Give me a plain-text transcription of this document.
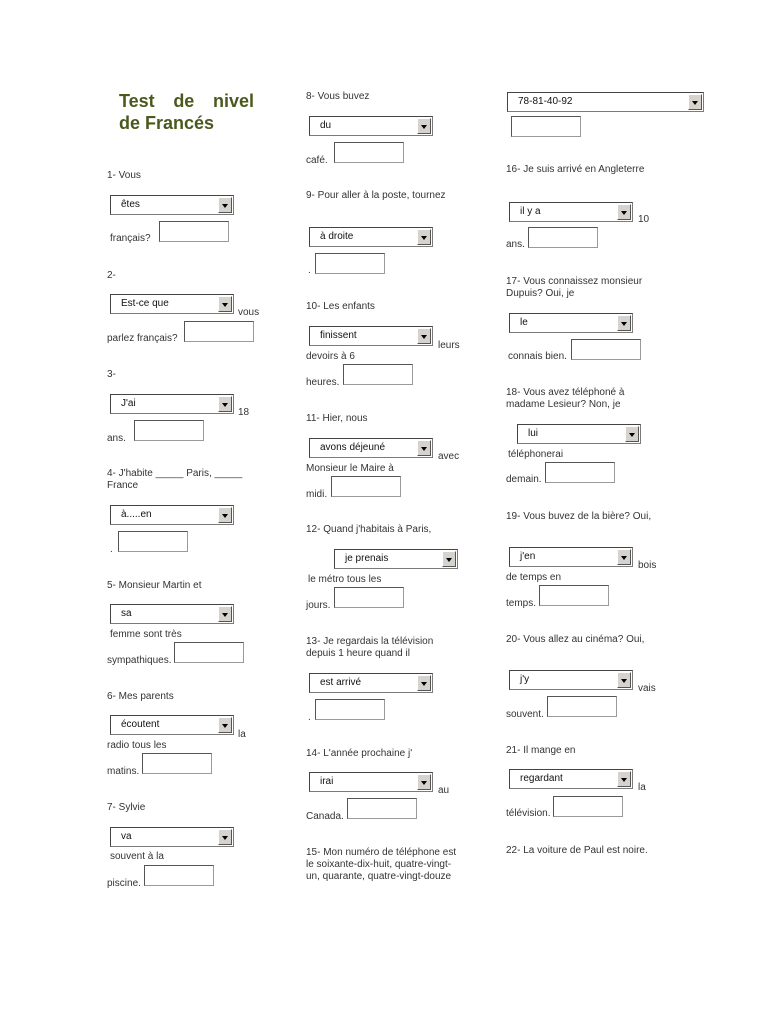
Test de nivel
de Francés
1- Vous
êtes
français?
2-
Est-ce que
vous
parlez français?
3-
J'ai
18
ans.
4- J'habite _____ Paris, _____ France
à.....en
.
5- Monsieur Martin et
sa
femme sont très
sympathiques.
6- Mes parents
écoutent
la
radio tous les
matins.
7- Sylvie
va
souvent à la
piscine.
8- Vous buvez
du
café.
9- Pour aller à la poste, tournez
à droite
.
10- Les enfants
finissent
leurs
devoirs à 6
heures.
11- Hier, nous
avons déjeuné
avec
Monsieur le Maire à
midi.
12- Quand j'habitais à Paris,
je prenais
le métro tous les
jours.
13- Je regardais la télévision depuis 1 heure quand il
est arrivé
.
14- L'année prochaine j'
irai
au
Canada.
15- Mon numéro de téléphone est le soixante-dix-huit, quatre-vingt-un, quarante, quatre-vingt-douze
78-81-40-92
16- Je suis arrivé en Angleterre
il y a
10
ans.
17- Vous connaissez monsieur Dupuis? Oui, je
le
connais bien.
18- Vous avez téléphoné à madame Lesieur? Non, je
lui
téléphonerai
demain.
19- Vous buvez de la bière? Oui,
j'en
bois
de temps en
temps.
20- Vous allez au cinéma? Oui,
j'y
vais
souvent.
21- Il mange en
regardant
la
télévision.
22- La voiture de Paul est noire.
